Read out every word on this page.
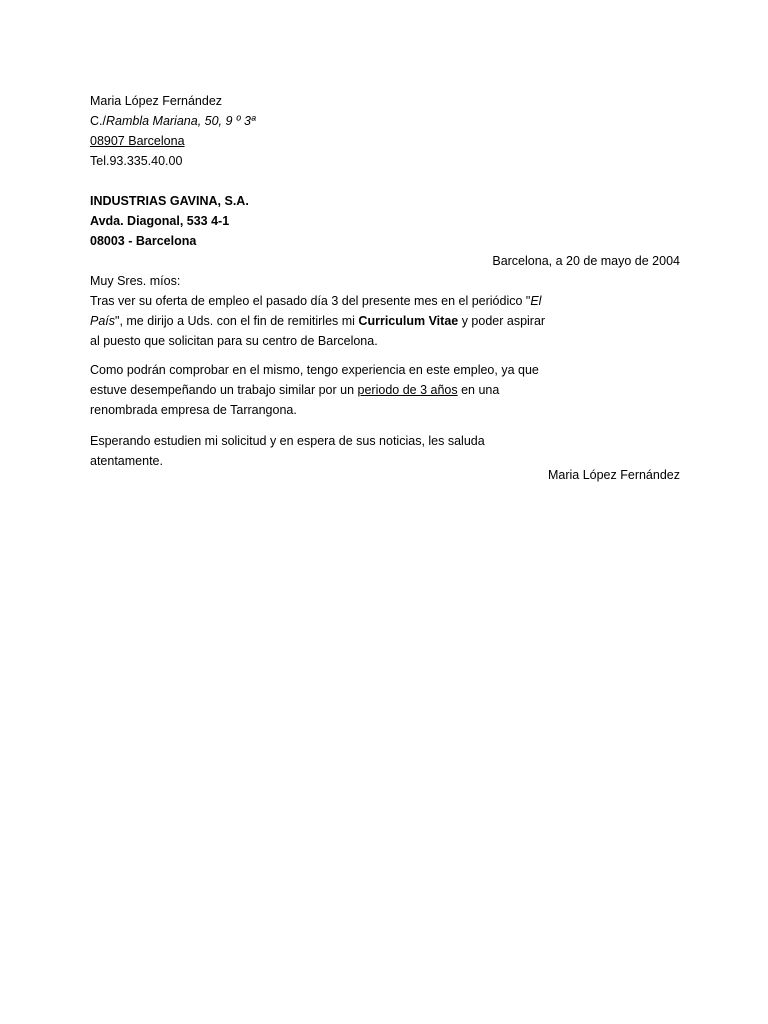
Maria López Fernández
C./Rambla Mariana, 50, 9 º 3ª
08907 Barcelona
Tel.93.335.40.00
INDUSTRIAS GAVINA, S.A.
Avda. Diagonal, 533 4-1
08003 - Barcelona
Barcelona, a 20 de mayo de 2004
Muy Sres. míos:
Tras ver su oferta de empleo el pasado día 3 del presente mes en el periódico "El
País", me dirijo a Uds. con el fin de remitirles mi Curriculum Vitae y poder aspirar
al puesto que solicitan para su centro de Barcelona.
Como podrán comprobar en el mismo, tengo experiencia en este empleo, ya que
estuve desempeñando un trabajo similar por un periodo de 3 años en una
renombrada empresa de Tarrangona.
Esperando estudien mi solicitud y en espera de sus noticias, les saluda
atentamente.
Maria López Fernández
